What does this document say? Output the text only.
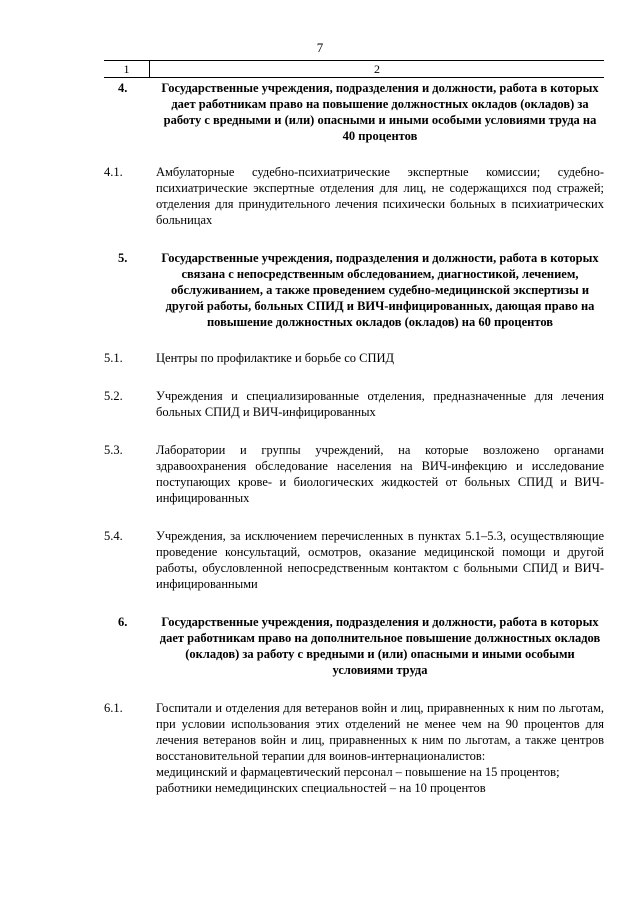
7
1	2
4.	Государственные учреждения, подразделения и должности, работа в которых дает работникам право на повышение должностных окладов (окладов) за работу с вредными и (или) опасными и иными особыми условиями труда на 40 процентов
4.1.	Амбулаторные судебно-психиатрические экспертные комиссии; судебно-психиатрические экспертные отделения для лиц, не содержащихся под стражей; отделения для принудительного лечения психически больных в психиатрических больницах
5.	Государственные учреждения, подразделения и должности, работа в которых связана с непосредственным обследованием, диагностикой, лечением, обслуживанием, а также проведением судебно-медицинской экспертизы и другой работы, больных СПИД и ВИЧ-инфицированных, дающая право на повышение должностных окладов (окладов) на 60 процентов
5.1.	Центры по профилактике и борьбе со СПИД
5.2.	Учреждения и специализированные отделения, предназначенные для лечения больных СПИД и ВИЧ-инфицированных
5.3.	Лаборатории и группы учреждений, на которые возложено органами здравоохранения обследование населения на ВИЧ-инфекцию и исследование поступающих крове- и биологических жидкостей от больных СПИД и ВИЧ-инфицированных
5.4.	Учреждения, за исключением перечисленных в пунктах 5.1–5.3, осуществляющие проведение консультаций, осмотров, оказание медицинской помощи и другой работы, обусловленной непосредственным контактом с больными СПИД и ВИЧ-инфицированными
6.	Государственные учреждения, подразделения и должности, работа в которых дает работникам право на дополнительное повышение должностных окладов (окладов) за работу с вредными и (или) опасными и иными особыми условиями труда
6.1.	Госпитали и отделения для ветеранов войн и лиц, приравненных к ним по льготам, при условии использования этих отделений не менее чем на 90 процентов для лечения ветеранов войн и лиц, приравненных к ним по льготам, а также центров восстановительной терапии для воинов-интернационалистов:
медицинский и фармацевтический персонал – повышение на 15 процентов;
работники немедицинских специальностей – на 10 процентов
